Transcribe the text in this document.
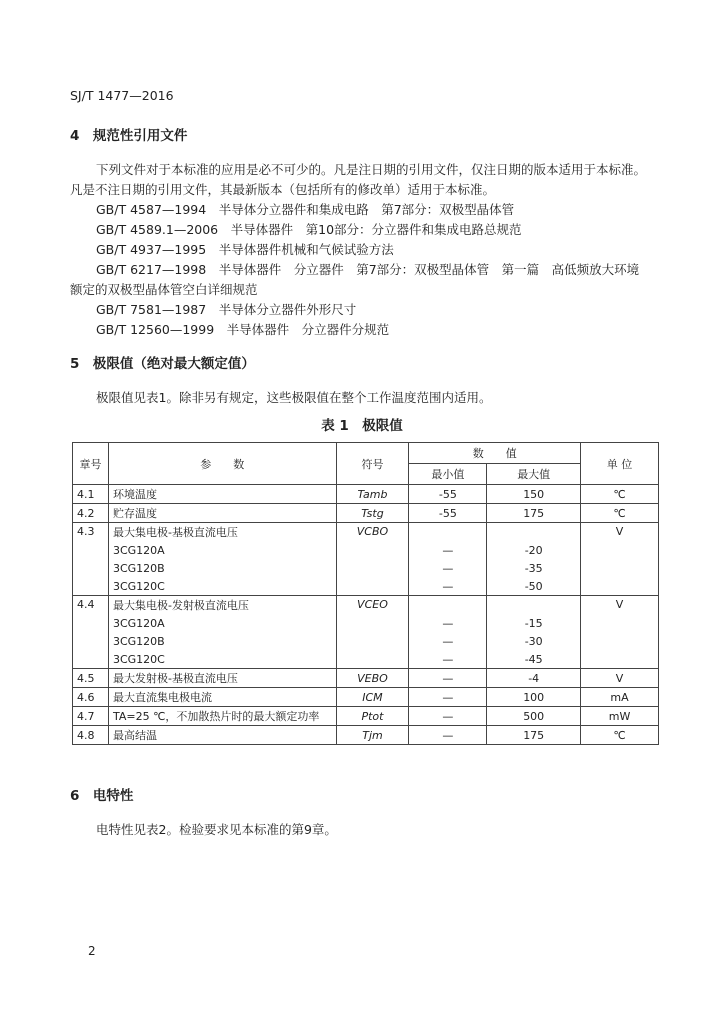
SJ/T 1477—2016
4　规范性引用文件
下列文件对于本标准的应用是必不可少的。凡是注日期的引用文件，仅注日期的版本适用于本标准。
凡是不注日期的引用文件，其最新版本（包括所有的修改单）适用于本标准。
GB/T 4587—1994　半导体分立器件和集成电路　第7部分：双极型晶体管
GB/T 4589.1—2006　半导体器件　第10部分：分立器件和集成电路总规范
GB/T 4937—1995　半导体器件机械和气候试验方法
GB/T 6217—1998　半导体器件　分立器件　第7部分：双极型晶体管　第一篇　高低频放大环境
额定的双极型晶体管空白详细规范
GB/T 7581—1987　半导体分立器件外形尺寸
GB/T 12560—1999　半导体器件　分立器件分规范
5　极限值（绝对最大额定值）
极限值见表1。除非另有规定，这些极限值在整个工作温度范围内适用。
表 1　极限值
章号	参　　数	符号	数　　值		单 位
			最小值	最大值	
4.1	环境温度	Tamb	-55	150	℃
4.2	贮存温度	Tstg	-55	175	℃
4.3	最大集电极-基极直流电压	VCBO			V
	3CG120A		—	-20	
	3CG120B		—	-35	
	3CG120C		—	-50	
4.4	最大集电极-发射极直流电压	VCEO			V
	3CG120A		—	-15	
	3CG120B		—	-30	
	3CG120C		—	-45	
4.5	最大发射极-基极直流电压	VEBO	—	-4	V
4.6	最大直流集电极电流	ICM	—	100	mA
4.7	TA=25 ℃，不加散热片时的最大额定功率	Ptot	—	500	mW
4.8	最高结温	Tjm	—	175	℃
6　电特性
电特性见表2。检验要求见本标准的第9章。
2
